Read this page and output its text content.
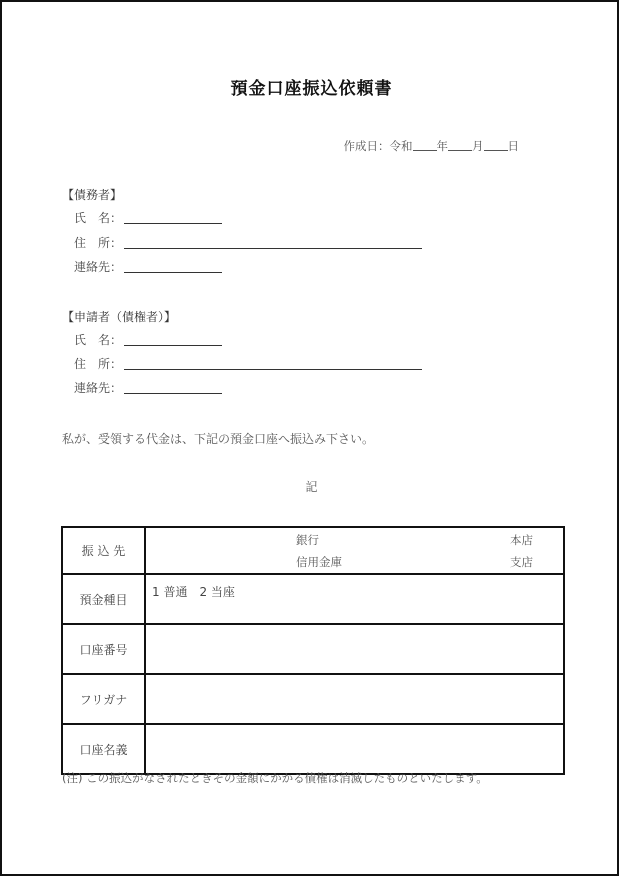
預金口座振込依頼書
作成日：令和 年 月 日
【債務者】
氏　名：
住　所：
連絡先：
【申請者（債権者）】
氏　名：
住　所：
連絡先：
私が、受領する代金は、下記の預金口座へ振込み下さい。
記
振 込 先	銀行 本店
信用金庫 支店

預金種目	1 普通　2 当座
口座番号	
フリガナ	
口座名義	
(注) この振込がなされたときその金額にかかる債権は消滅したものといたします。
